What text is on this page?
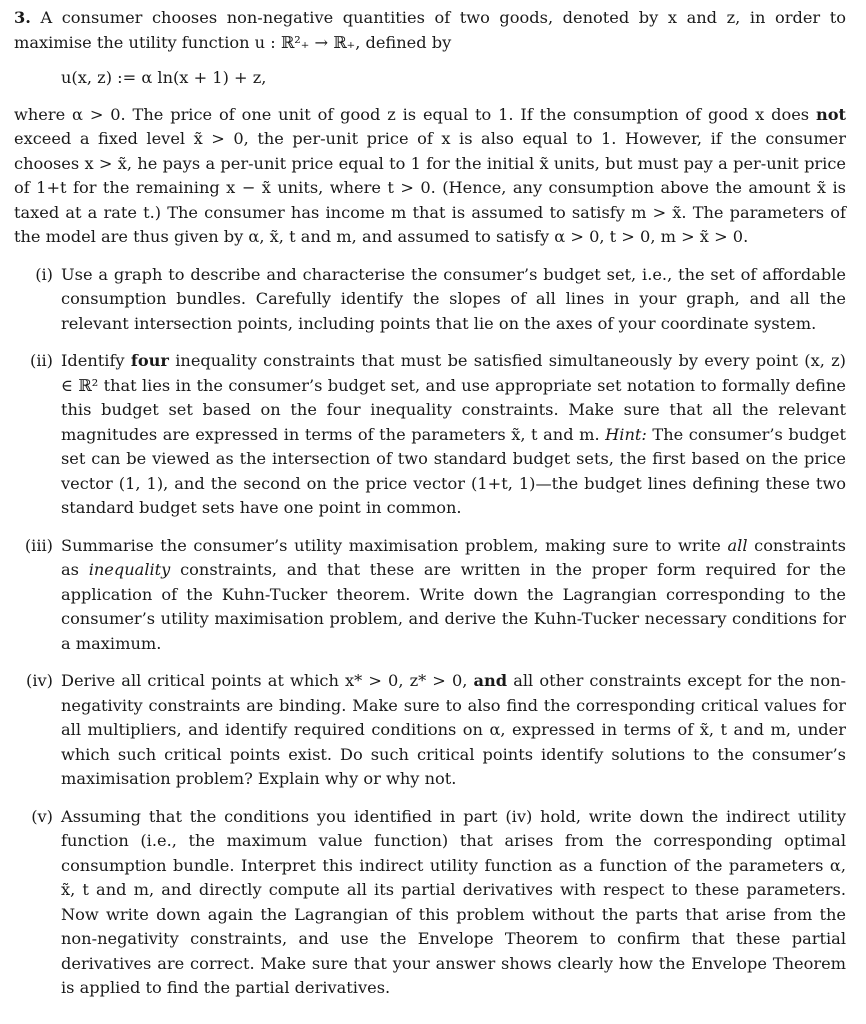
3. A consumer chooses non-negative quantities of two goods, denoted by x and z, in order to maximise the utility function u : ℝ²₊ → ℝ₊, defined by

u(x, z) := α ln(x + 1) + z,

where α > 0. The price of one unit of good z is equal to 1. If the consumption of good x does not exceed a fixed level x̃ > 0, the per-unit price of x is also equal to 1. However, if the consumer chooses x > x̃, he pays a per-unit price equal to 1 for the initial x̃ units, but must pay a per-unit price of 1+t for the remaining x − x̃ units, where t > 0. (Hence, any consumption above the amount x̃ is taxed at a rate t.) The consumer has income m that is assumed to satisfy m > x̃. The parameters of the model are thus given by α, x̃, t and m, and assumed to satisfy α > 0, t > 0, m > x̃ > 0.

(i) Use a graph to describe and characterise the consumer’s budget set, i.e., the set of affordable consumption bundles. Carefully identify the slopes of all lines in your graph, and all the relevant intersection points, including points that lie on the axes of your coordinate system.

(ii) Identify four inequality constraints that must be satisfied simultaneously by every point (x, z) ∈ ℝ² that lies in the consumer’s budget set, and use appropriate set notation to formally define this budget set based on the four inequality constraints. Make sure that all the relevant magnitudes are expressed in terms of the parameters x̃, t and m. Hint: The consumer’s budget set can be viewed as the intersection of two standard budget sets, the first based on the price vector (1, 1), and the second on the price vector (1+t, 1)—the budget lines defining these two standard budget sets have one point in common.

(iii) Summarise the consumer’s utility maximisation problem, making sure to write all constraints as inequality constraints, and that these are written in the proper form required for the application of the Kuhn-Tucker theorem. Write down the Lagrangian corresponding to the consumer’s utility maximisation problem, and derive the Kuhn-Tucker necessary conditions for a maximum.

(iv) Derive all critical points at which x* > 0, z* > 0, and all other constraints except for the non-negativity constraints are binding. Make sure to also find the corresponding critical values for all multipliers, and identify required conditions on α, expressed in terms of x̃, t and m, under which such critical points exist. Do such critical points identify solutions to the consumer’s maximisation problem? Explain why or why not.

(v) Assuming that the conditions you identified in part (iv) hold, write down the indirect utility function (i.e., the maximum value function) that arises from the corresponding optimal consumption bundle. Interpret this indirect utility function as a function of the parameters α, x̃, t and m, and directly compute all its partial derivatives with respect to these parameters. Now write down again the Lagrangian of this problem without the parts that arise from the non-negativity constraints, and use the Envelope Theorem to confirm that these partial derivatives are correct. Make sure that your answer shows clearly how the Envelope Theorem is applied to find the partial derivatives.
